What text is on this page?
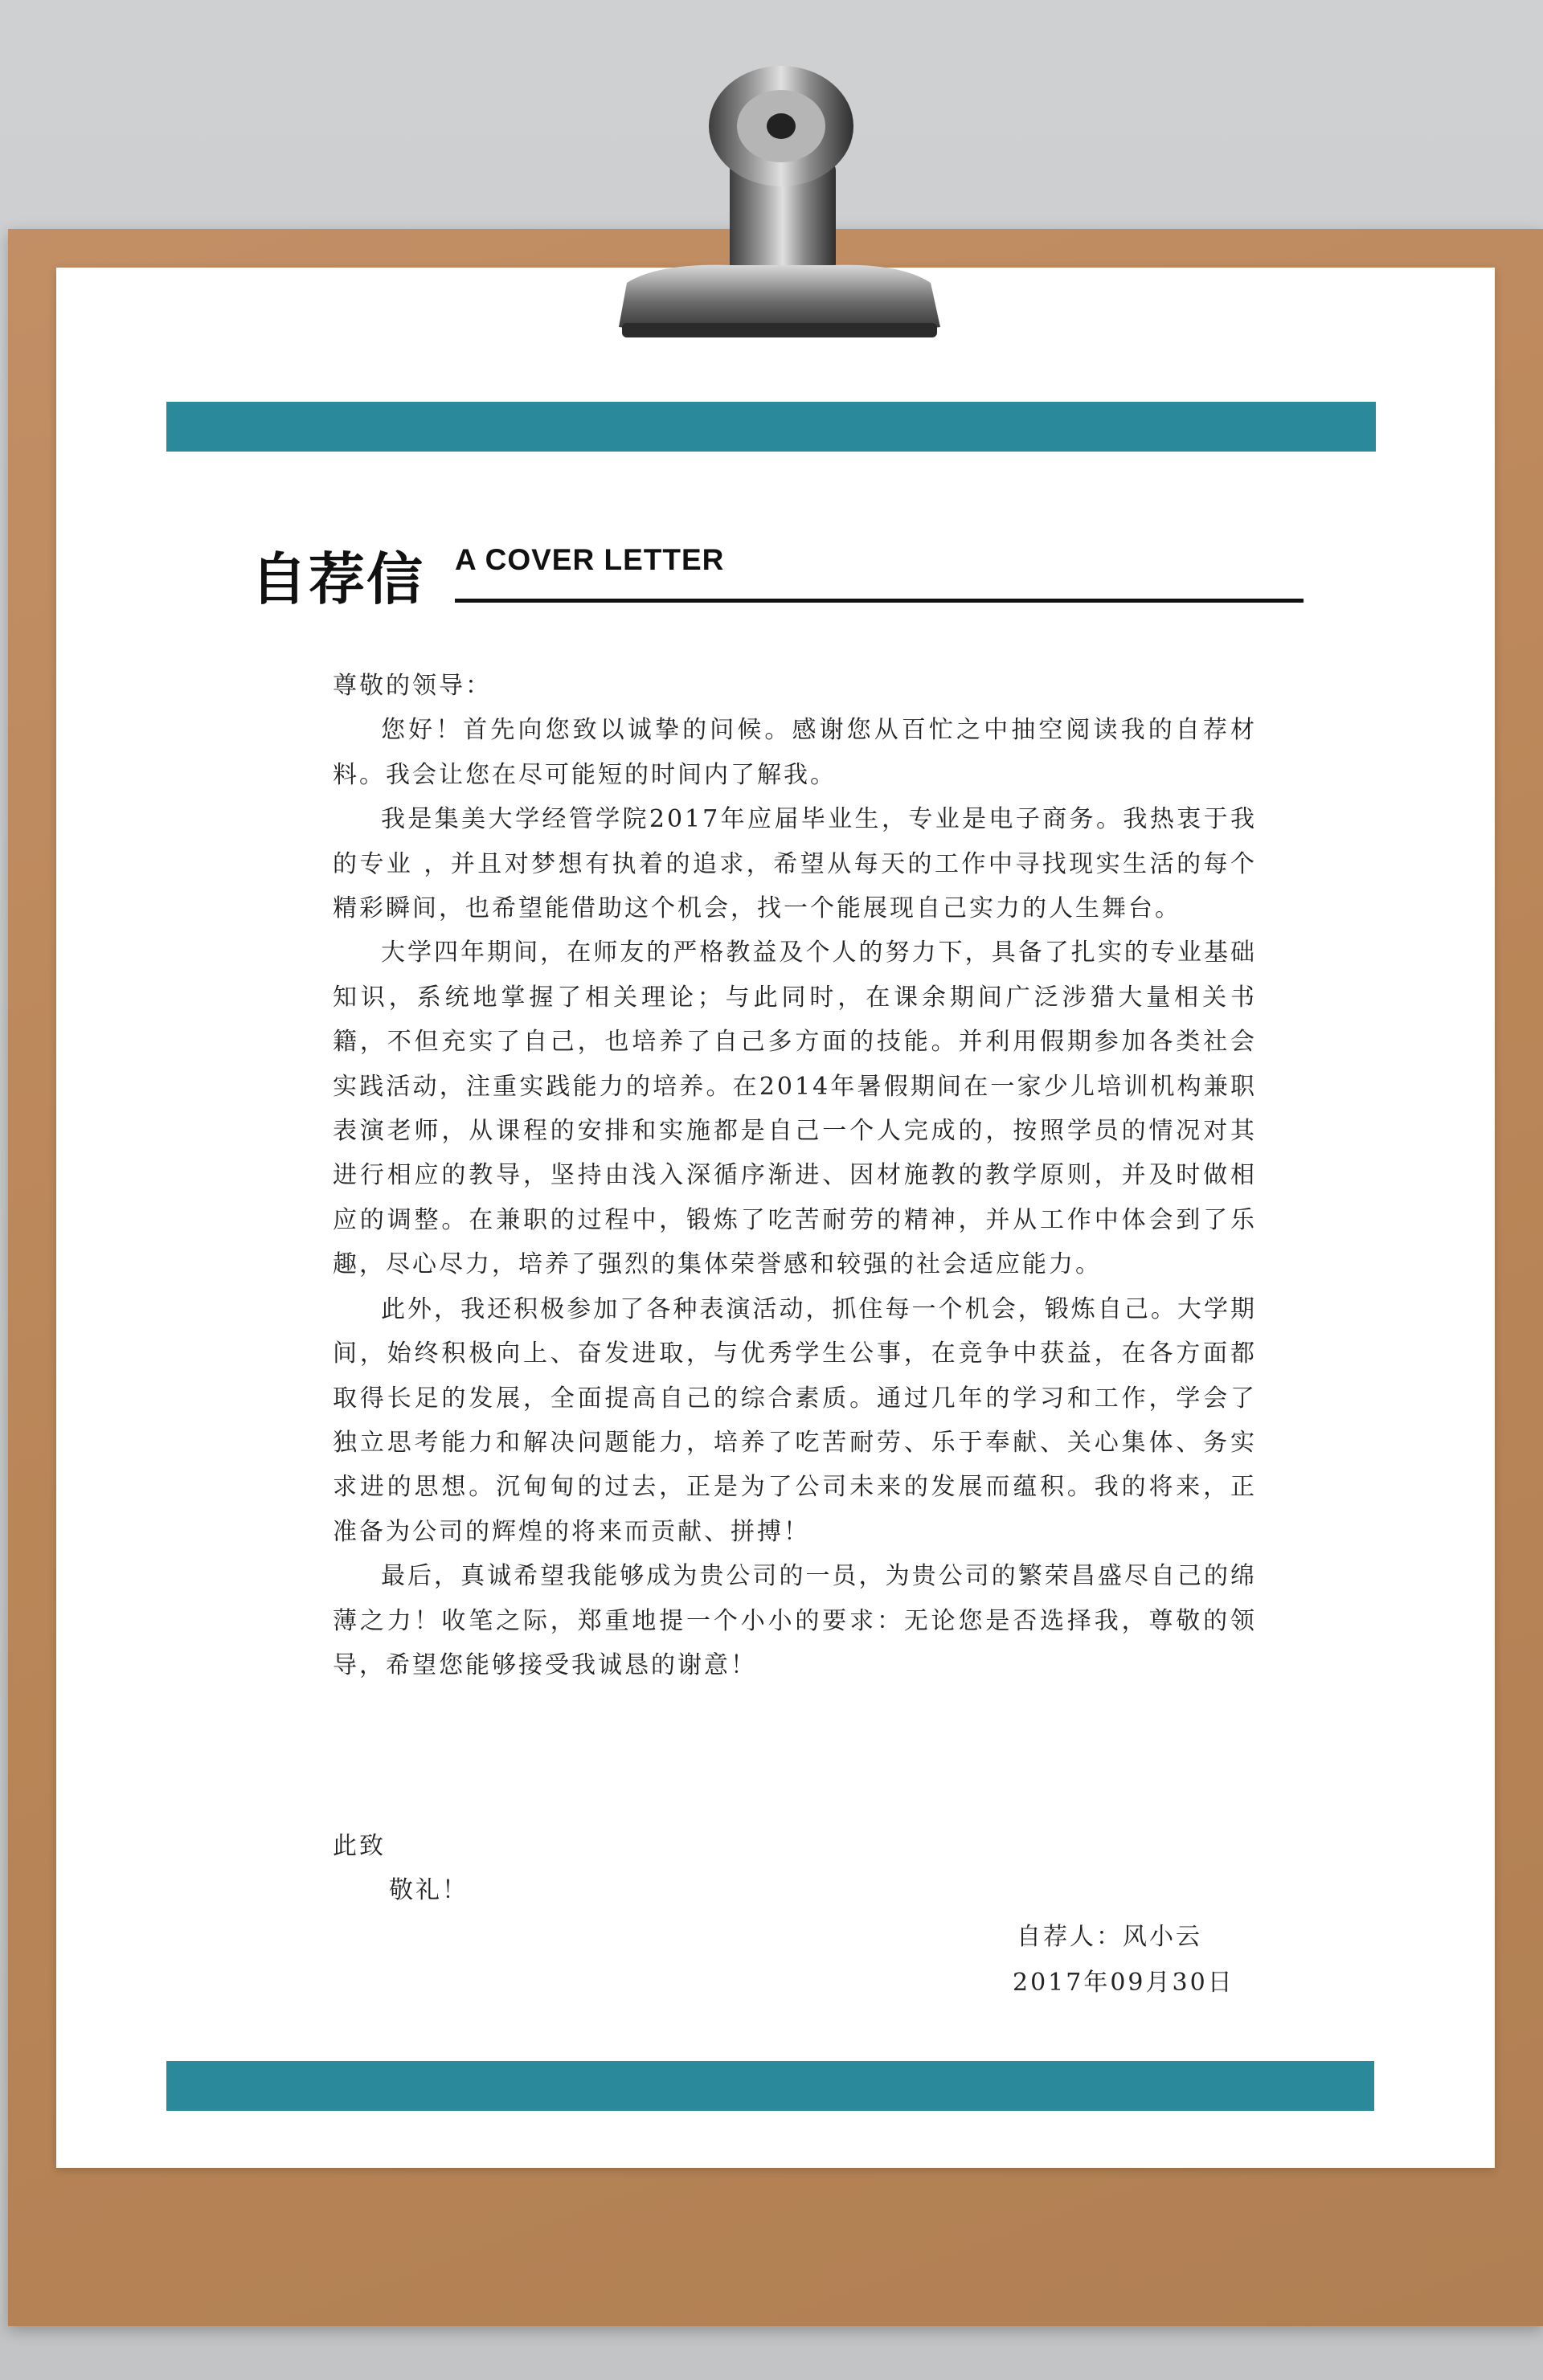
自荐信 A COVER LETTER

尊敬的领导：

您好！首先向您致以诚挚的问候。感谢您从百忙之中抽空阅读我的自荐材料。我会让您在尽可能短的时间内了解我。

我是集美大学经管学院2017年应届毕业生，专业是电子商务。我热衷于我的专业 ，并且对梦想有执着的追求，希望从每天的工作中寻找现实生活的每个精彩瞬间，也希望能借助这个机会，找一个能展现自己实力的人生舞台。

大学四年期间，在师友的严格教益及个人的努力下，具备了扎实的专业基础知识，系统地掌握了相关理论；与此同时，在课余期间广泛涉猎大量相关书籍，不但充实了自己，也培养了自己多方面的技能。并利用假期参加各类社会实践活动，注重实践能力的培养。在2014年暑假期间在一家少儿培训机构兼职表演老师，从课程的安排和实施都是自己一个人完成的，按照学员的情况对其进行相应的教导，坚持由浅入深循序渐进、因材施教的教学原则，并及时做相应的调整。在兼职的过程中，锻炼了吃苦耐劳的精神，并从工作中体会到了乐趣，尽心尽力，培养了强烈的集体荣誉感和较强的社会适应能力。

此外，我还积极参加了各种表演活动，抓住每一个机会，锻炼自己。大学期间，始终积极向上、奋发进取，与优秀学生公事，在竞争中获益，在各方面都取得长足的发展，全面提高自己的综合素质。通过几年的学习和工作，学会了独立思考能力和解决问题能力，培养了吃苦耐劳、乐于奉献、关心集体、务实求进的思想。沉甸甸的过去，正是为了公司未来的发展而蕴积。我的将来，正准备为公司的辉煌的将来而贡献、拼搏！

最后，真诚希望我能够成为贵公司的一员，为贵公司的繁荣昌盛尽自己的绵薄之力！收笔之际，郑重地提一个小小的要求：无论您是否选择我，尊敬的领导，希望您能够接受我诚恳的谢意！

此致
敬礼！
自荐人：风小云
2017年09月30日
